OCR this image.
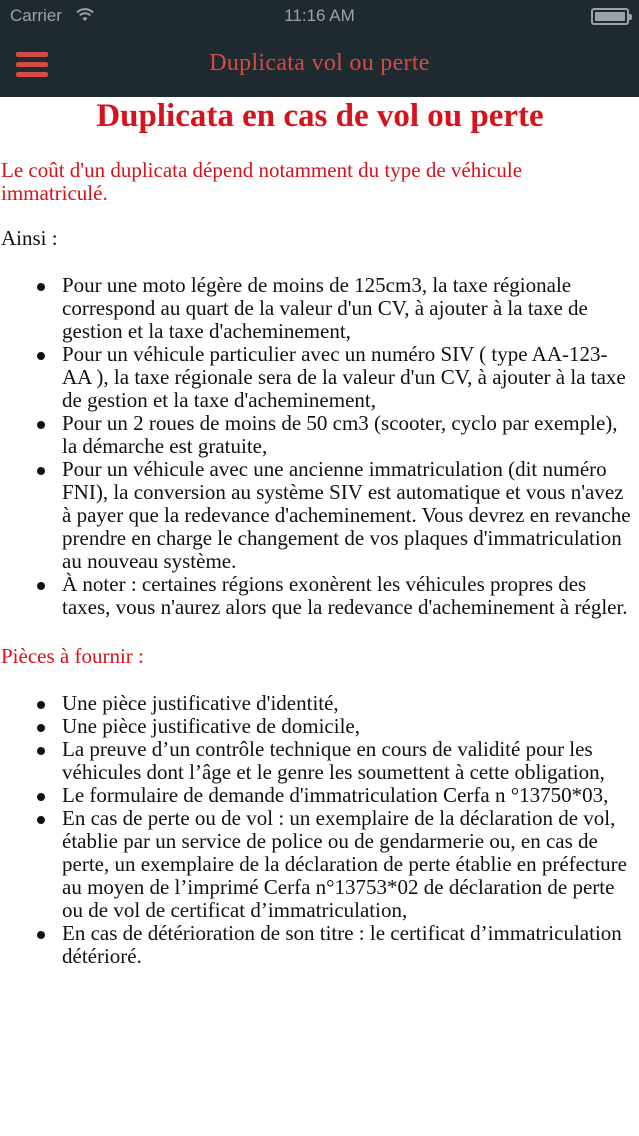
Carrier	11:16 AM
Duplicata vol ou perte
Duplicata en cas de vol ou perte

Le coût d'un duplicata dépend notamment du type de véhicule immatriculé.

Ainsi :

Pour une moto légère de moins de 125cm3, la taxe régionale correspond au quart de la valeur d'un CV, à ajouter à la taxe de gestion et la taxe d'acheminement,
Pour un véhicule particulier avec un numéro SIV ( type AA-123-AA ), la taxe régionale sera de la valeur d'un CV, à ajouter à la taxe de gestion et la taxe d'acheminement,
Pour un 2 roues de moins de 50 cm3 (scooter, cyclo par exemple), la démarche est gratuite,
Pour un véhicule avec une ancienne immatriculation (dit numéro FNI), la conversion au système SIV est automatique et vous n'avez à payer que la redevance d'acheminement. Vous devrez en revanche prendre en charge le changement de vos plaques d'immatriculation au nouveau système.
À noter : certaines régions exonèrent les véhicules propres des taxes, vous n'aurez alors que la redevance d'acheminement à régler.
Pièces à fournir :
Une pièce justificative d'identité,
Une pièce justificative de domicile,
La preuve d’un contrôle technique en cours de validité pour les véhicules dont l’âge et le genre les soumettent à cette obligation,
Le formulaire de demande d'immatriculation Cerfa n °13750*03,
En cas de perte ou de vol : un exemplaire de la déclaration de vol, établie par un service de police ou de gendarmerie ou, en cas de perte, un exemplaire de la déclaration de perte établie en préfecture au moyen de l’imprimé Cerfa n°13753*02 de déclaration de perte ou de vol de certificat d’immatriculation,
En cas de détérioration de son titre : le certificat d’immatriculation détérioré.
